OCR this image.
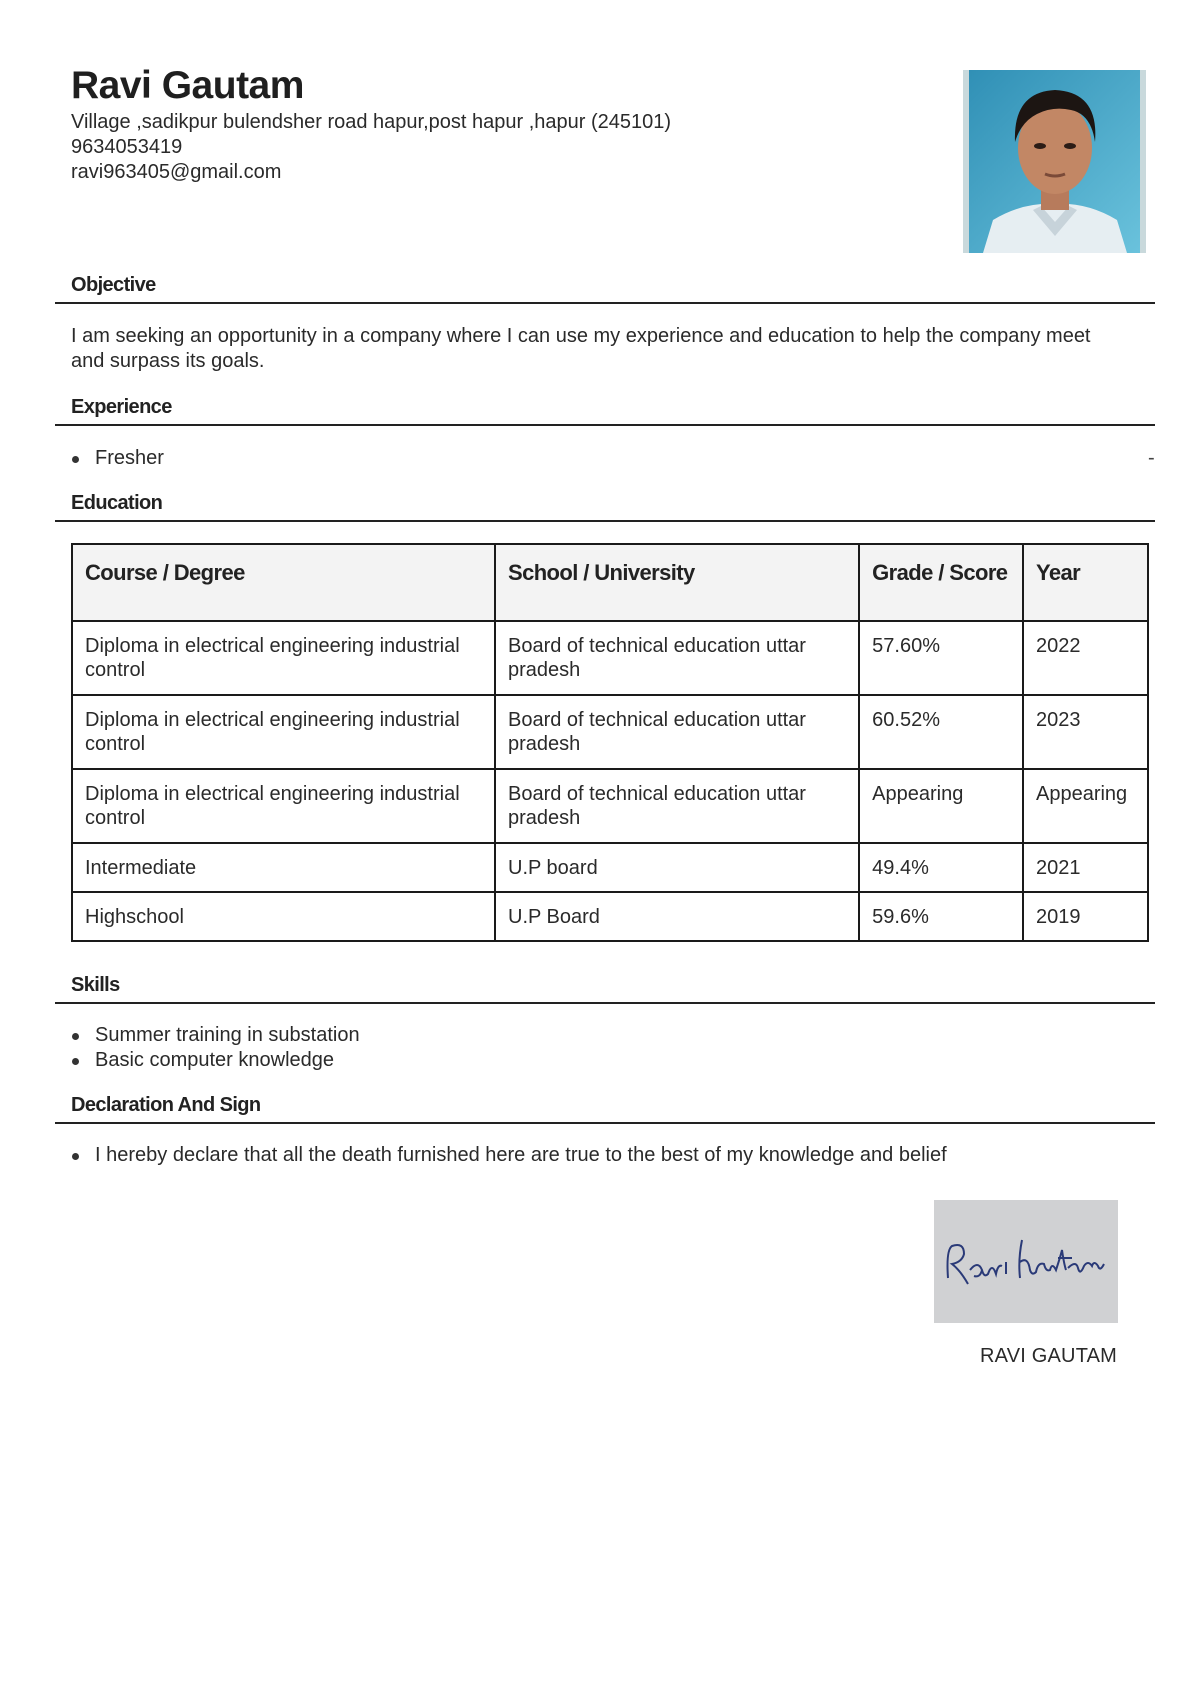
Ravi Gautam
Village ,sadikpur bulendsher road hapur,post hapur ,hapur (245101)
9634053419
ravi963405@gmail.com
Objective
I am seeking an opportunity in a company where I can use my experience and education to help the company meet and surpass its goals.
Experience
Fresher	-
Education
Course / Degree	School / University	Grade / Score	Year
Diploma in electrical engineering industrial control	Board of technical education uttar pradesh	57.60%	2022
Diploma in electrical engineering industrial control	Board of technical education uttar pradesh	60.52%	2023
Diploma in electrical engineering industrial control	Board of technical education uttar pradesh	Appearing	Appearing
Intermediate	U.P board	49.4%	2021
Highschool	U.P Board	59.6%	2019
Skills
Summer training in substation
Basic computer knowledge
Declaration And Sign
I hereby declare that all the death furnished here are true to the best of my knowledge and belief
RAVI GAUTAM
